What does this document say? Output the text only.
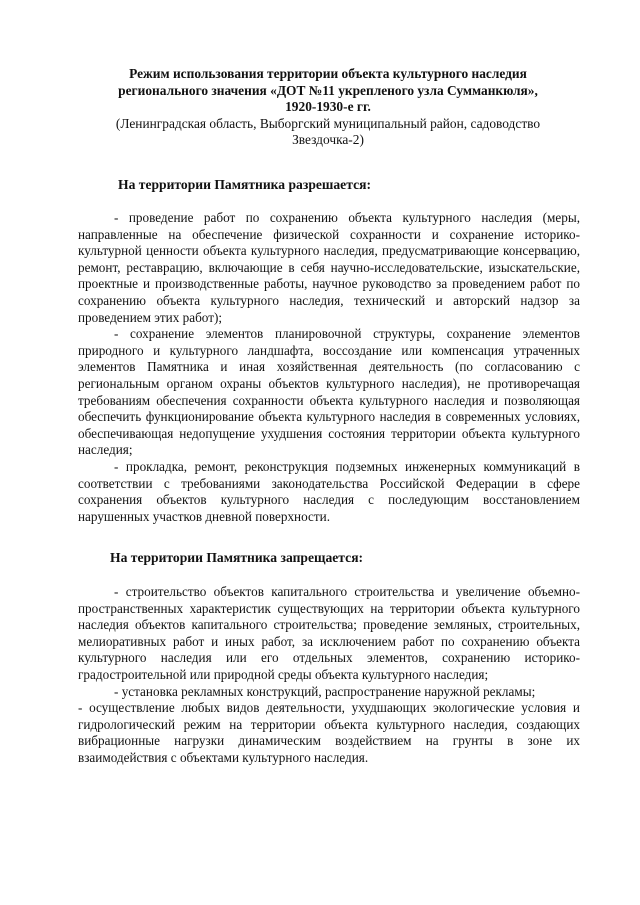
Режим использования территории объекта культурного наследия
регионального значения «ДОТ №11 укрепленого узла Сумманкюля»,
1920-1930-е гг.
(Ленинградская область, Выборгский муниципальный район, садоводство
Звездочка-2)
На территории Памятника разрешается:

- проведение работ по сохранению объекта культурного наследия (меры, направленные на обеспечение физической сохранности и сохранение историко-культурной ценности объекта культурного наследия, предусматривающие консервацию, ремонт, реставрацию, включающие в себя научно-исследовательские, изыскательские, проектные и производственные работы, научное руководство за проведением работ по сохранению объекта культурного наследия, технический и авторский надзор за проведением этих работ);

- сохранение элементов планировочной структуры, сохранение элементов природного и культурного ландшафта, воссоздание или компенсация утраченных элементов Памятника и иная хозяйственная деятельность (по согласованию с региональным органом охраны объектов культурного наследия), не противоречащая требованиям обеспечения сохранности объекта культурного наследия и позволяющая обеспечить функционирование объекта культурного наследия в современных условиях, обеспечивающая недопущение ухудшения состояния территории объекта культурного наследия;

- прокладка, ремонт, реконструкция подземных инженерных коммуникаций в соответствии с требованиями законодательства Российской Федерации в сфере сохранения объектов культурного наследия с последующим восстановлением нарушенных участков дневной поверхности.

На территории Памятника запрещается:

- строительство объектов капитального строительства и увеличение объемно-пространственных характеристик существующих на территории объекта культурного наследия объектов капитального строительства; проведение земляных, строительных, мелиоративных работ и иных работ, за исключением работ по сохранению объекта культурного наследия или его отдельных элементов, сохранению историко-градостроительной или природной среды объекта культурного наследия;

- установка рекламных конструкций, распространение наружной рекламы;

- осуществление любых видов деятельности, ухудшающих экологические условия и гидрологический режим на территории объекта культурного наследия, создающих вибрационные нагрузки динамическим воздействием на грунты в зоне их взаимодействия с объектами культурного наследия.
